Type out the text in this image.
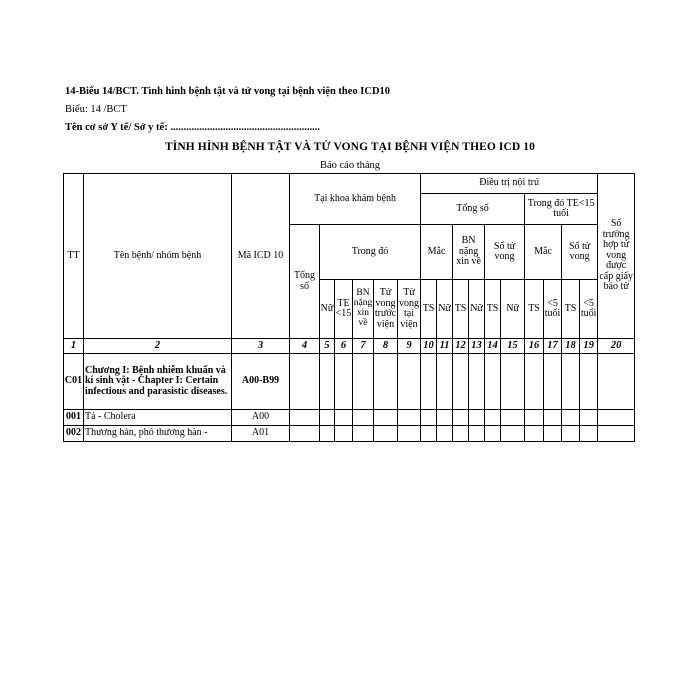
14-Biểu 14/BCT. Tình hình bệnh tật và tử vong tại bệnh viện theo ICD10
Biểu: 14 /BCT
Tên cơ sở Y tế/ Sở y tế: .........................................................
TÌNH HÌNH BỆNH TẬT VÀ TỬ VONG TẠI BỆNH VIỆN THEO ICD 10
Báo cáo tháng
TT	Tên bệnh/ nhóm bệnh	Mã ICD 10	Tại khoa khám bệnh						Điều trị nội trú										Số trường hợp tử vong được cấp giấy báo tử
									Tổng số						Trong đó TE<15 tuổi				
			Tổng số	Trong đó					Mắc		BN nặng xin về		Số tử vong		Mắc		Số tử vong		
				Nữ	TE <15	BN nặng xin về	Tử vong trước viện	Tử vong tại viện	TS	Nữ	TS	Nữ	TS	Nữ	TS	<5 tuổi	TS	<5 tuổi	

1	2	3	4	5	6	7	8	9	10	11	12	13	14	15	16	17	18	19	20
C01	Chương I: Bệnh nhiễm khuẩn và kí sinh vật - Chapter I: Certain infectious and parasistic diseases.	A00-B99																	
001	Tả - Cholera	A00																	
002	Thương hàn, phó thương hàn -	A01																	
